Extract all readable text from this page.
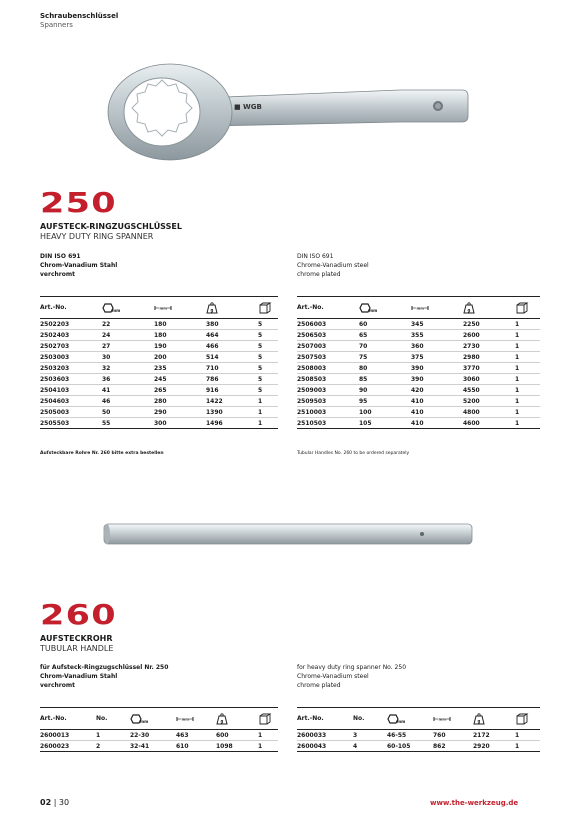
Schraubenschlüssel
Spanners
■ WGB
250
AUFSTECK-RINGZUGSCHLÜSSEL
HEAVY DUTY RING SPANNER
DIN ISO 691
Chrom-Vanadium Stahl
verchromt
DIN ISO 691
Chrome-Vanadium steel
chrome plated
Art.-No.	mm	mm	g

2502203	22	180	380	5
2502403	24	180	464	5
2502703	27	190	466	5
2503003	30	200	514	5
2503203	32	235	710	5
2503603	36	245	786	5
2504103	41	265	916	5
2504603	46	280	1422	1
2505003	50	290	1390	1
2505503	55	300	1496	1
Art.-No.	mm	mm	g

2506003	60	345	2250	1
2506503	65	355	2600	1
2507003	70	360	2730	1
2507503	75	375	2980	1
2508003	80	390	3770	1
2508503	85	390	3060	1
2509003	90	420	4550	1
2509503	95	410	5200	1
2510003	100	410	4800	1
2510503	105	410	4600	1
Aufsteckbare Rohre Nr. 260 bitte extra bestellen	Tubular Handles No. 260 to be ordered separately
260
AUFSTECKROHR
TUBULAR HANDLE
für Aufsteck-Ringzugschlüssel Nr. 250
Chrom-Vanadium Stahl
verchromt
for heavy duty ring spanner No. 250
Chrome-Vanadium steel
chrome plated
Art.-No.	No.	mm	mm	g

2600013	1	22-30	463	600	1
2600023	2	32-41	610	1098	1
Art.-No.	No.	mm	mm	g

2600033	3	46-55	760	2172	1
2600043	4	60-105	862	2920	1
02 | 30	www.the-werkzeug.de
